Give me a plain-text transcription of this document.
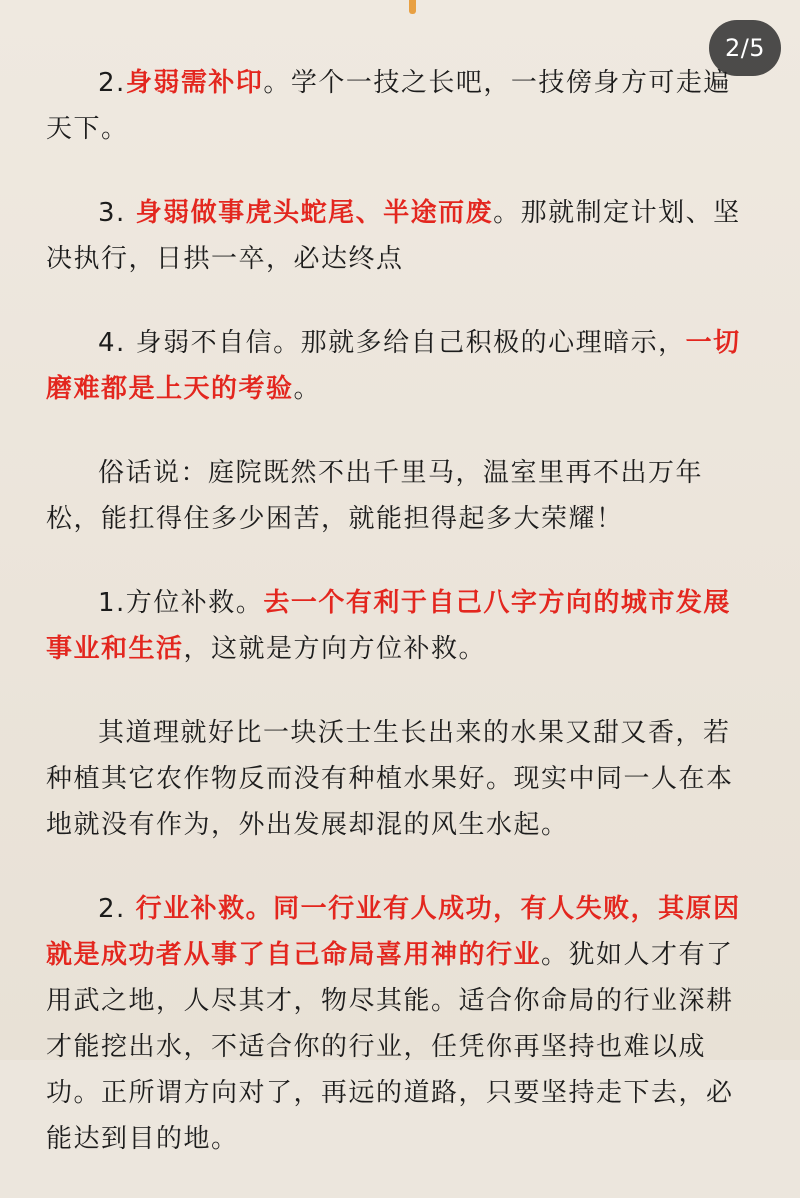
2/5

2.身弱需补印。学个一技之长吧，一技傍身方可走遍天下。

3. 身弱做事虎头蛇尾、半途而废。那就制定计划、坚决执行，日拱一卒，必达终点

4. 身弱不自信。那就多给自己积极的心理暗示，一切磨难都是上天的考验。

俗话说：庭院既然不出千里马，温室里再不出万年松，能扛得住多少困苦，就能担得起多大荣耀！

1.方位补救。去一个有利于自己八字方向的城市发展事业和生活，这就是方向方位补救。

其道理就好比一块沃士生长出来的水果又甜又香，若种植其它农作物反而没有种植水果好。现实中同一人在本地就没有作为，外出发展却混的风生水起。

2. 行业补救。同一行业有人成功，有人失败，其原因就是成功者从事了自己命局喜用神的行业。犹如人才有了用武之地，人尽其才，物尽其能。适合你命局的行业深耕才能挖出水，不适合你的行业，任凭你再坚持也难以成功。正所谓方向对了，再远的道路，只要坚持走下去，必能达到目的地。
